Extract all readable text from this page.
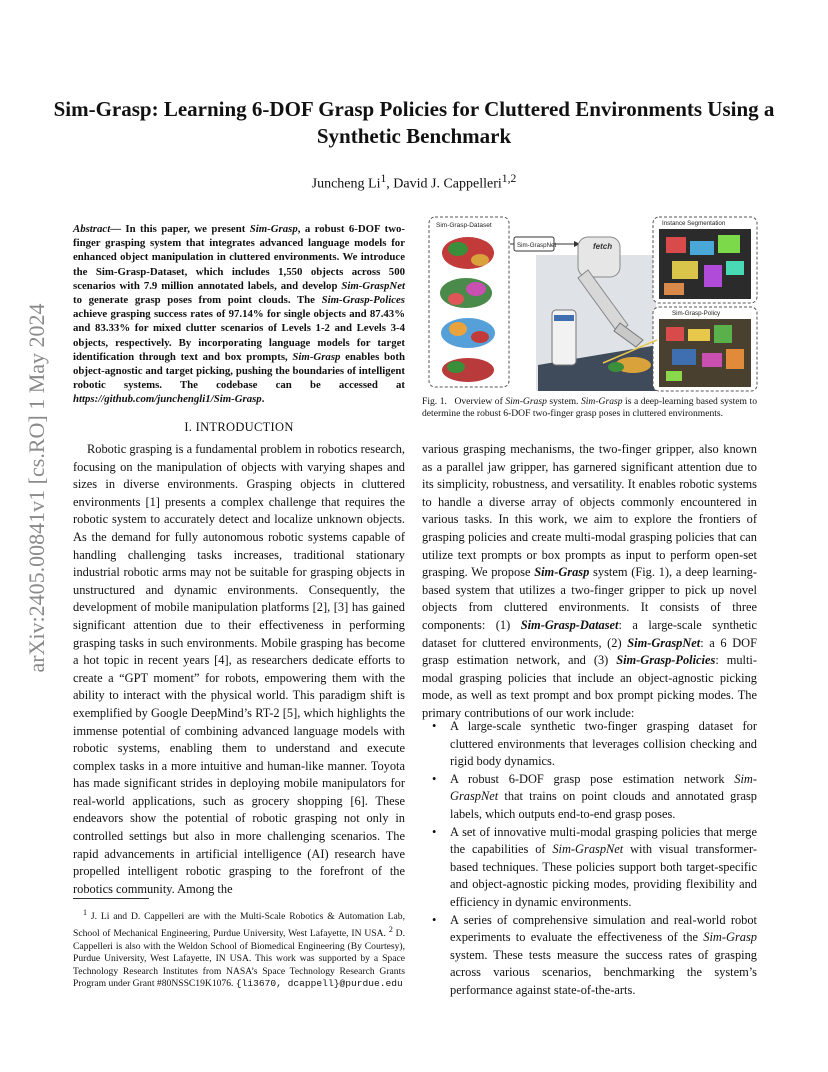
arXiv:2405.00841v1 [cs.RO] 1 May 2024
Sim-Grasp: Learning 6-DOF Grasp Policies for Cluttered Environments Using a Synthetic Benchmark
Juncheng Li$^1$, David J. Cappelleri$^{1,2}$
Abstract— In this paper, we present Sim-Grasp, a robust 6-DOF two-finger grasping system that integrates advanced language models for enhanced object manipulation in cluttered environments. We introduce the Sim-Grasp-Dataset, which includes 1,550 objects across 500 scenarios with 7.9 million annotated labels, and develop Sim-GraspNet to generate grasp poses from point clouds. The Sim-Grasp-Polices achieve grasping success rates of 97.14% for single objects and 87.43% and 83.33% for mixed clutter scenarios of Levels 1-2 and Levels 3-4 objects, respectively. By incorporating language models for target identification through text and box prompts, Sim-Grasp enables both object-agnostic and target picking, pushing the boundaries of intelligent robotic systems. The codebase can be accessed at https://github.com/junchengli1/Sim-Grasp.
I. INTRODUCTION

Robotic grasping is a fundamental problem in robotics research, focusing on the manipulation of objects with varying shapes and sizes in diverse environments. Grasping objects in cluttered environments [1] presents a complex challenge that requires the robotic system to accurately detect and localize unknown objects. As the demand for fully autonomous robotic systems capable of handling challenging tasks increases, traditional stationary industrial robotic arms may not be suitable for grasping objects in unstructured and dynamic environments. Consequently, the development of mobile manipulation platforms [2], [3] has gained significant attention due to their effectiveness in performing grasping tasks in such environments. Mobile grasping has become a hot topic in recent years [4], as researchers dedicate efforts to create a “GPT moment” for robots, empowering them with the ability to interact with the physical world. This paradigm shift is exemplified by Google DeepMind’s RT-2 [5], which highlights the immense potential of combining advanced language models with robotic systems, enabling them to understand and execute complex tasks in a more intuitive and human-like manner. Toyota has made significant strides in deploying mobile manipulators for real-world applications, such as grocery shopping [6]. These endeavors show the potential of robotic grasping not only in controlled settings but also in more challenging scenarios. The rapid advancements in artificial intelligence (AI) research have propelled intelligent robotic grasping to the forefront of the robotics community. Among the

$^1$ J. Li and D. Cappelleri are with the Multi-Scale Robotics & Automation Lab, School of Mechanical Engineering, Purdue University, West Lafayette, IN USA. $^2$ D. Cappelleri is also with the Weldon School of Biomedical Engineering (By Courtesy), Purdue University, West Lafayette, IN USA. This work was supported by a Space Technology Research Institutes from NASA’s Space Technology Research Grants Program under Grant #80NSSC19K1076. {li3670, dcappell}@purdue.edu
Sim-Grasp-Dataset
Sim-GraspNet	fetch
Instance Segmentation
Sim-Grasp-Policy
Fig. 1.   Overview of Sim-Grasp system. Sim-Grasp is a deep-learning based system to determine the robust 6-DOF two-finger grasp poses in cluttered environments.

various grasping mechanisms, the two-finger gripper, also known as a parallel jaw gripper, has garnered significant attention due to its simplicity, robustness, and versatility. It enables robotic systems to handle a diverse array of objects commonly encountered in various tasks. In this work, we aim to explore the frontiers of grasping policies and create multi-modal grasping policies that can utilize text prompts or box prompts as input to perform open-set grasping. We propose Sim-Grasp system (Fig. 1), a deep learning-based system that utilizes a two-finger gripper to pick up novel objects from cluttered environments. It consists of three components: (1) Sim-Grasp-Dataset: a large-scale synthetic dataset for cluttered environments, (2) Sim-GraspNet: a 6 DOF grasp estimation network, and (3) Sim-Grasp-Policies: multi-modal grasping policies that include an object-agnostic picking mode, as well as text prompt and box prompt picking modes. The primary contributions of our work include:

• A large-scale synthetic two-finger grasping dataset for cluttered environments that leverages collision checking and rigid body dynamics.
• A robust 6-DOF grasp pose estimation network Sim-GraspNet that trains on point clouds and annotated grasp labels, which outputs end-to-end grasp poses.
• A set of innovative multi-modal grasping policies that merge the capabilities of Sim-GraspNet with visual transformer-based techniques. These policies support both target-specific and object-agnostic picking modes, providing flexibility and efficiency in dynamic environments.
• A series of comprehensive simulation and real-world robot experiments to evaluate the effectiveness of the Sim-Grasp system. These tests measure the success rates of grasping across various scenarios, benchmarking the system’s performance against state-of-the-arts.
